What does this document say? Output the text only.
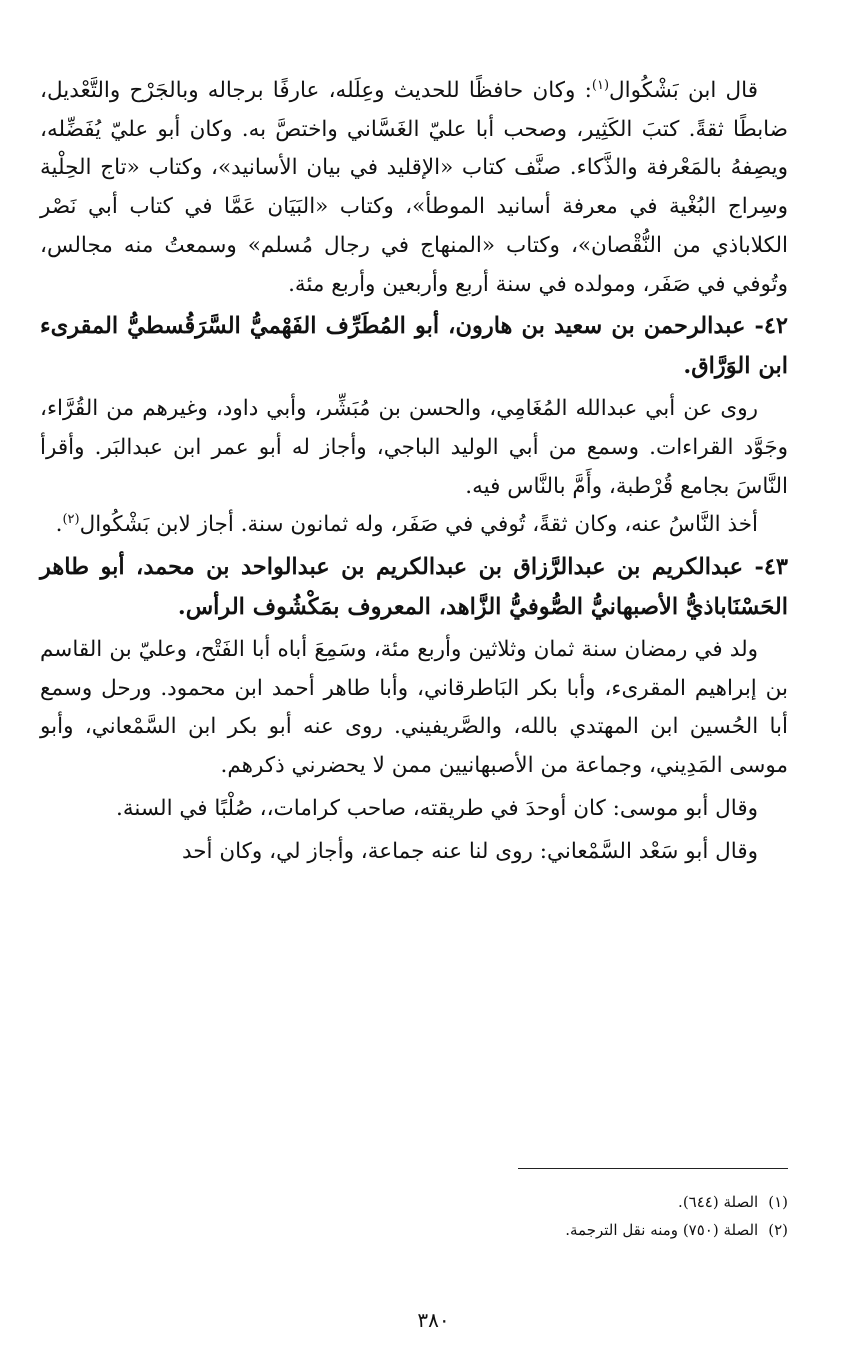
قال ابن بَشْكُوال$^{(١)}$: وكان حافظًا للحديث وعِلَله، عارفًا برجاله وبالجَرْح والتَّعْديل، ضابطًا ثقةً. كتبَ الكَثِير، وصحب أبا عليّ الغَسَّاني واختصَّ به. وكان أبو عليّ يُفَضِّله، ويصِفهُ بالمَعْرفة والذَّكاء. صنَّف كتاب «الإقليد في بيان الأسانيد»، وكتاب «تاج الحِلْية وسِراج البُغْية في معرفة أسانيد الموطأ»، وكتاب «البَيَان عَمَّا في كتاب أبي نَصْر الكلاباذي من النُّقْصان»، وكتاب «المنهاج في رجال مُسلم» وسمعتُ منه مجالس، وتُوفي في صَفَر، ومولده في سنة أربع وأربعين وأربع مئة.

٤٢- عبدالرحمن بن سعيد بن هارون، أبو المُطَرِّف الفَهْميُّ السَّرَقُسطيُّ المقرىء ابن الوَرَّاق.

روى عن أبي عبدالله المُغَامِي، والحسن بن مُبَشِّر، وأبي داود، وغيرهم من القُرَّاء، وجَوَّد القراءات. وسمع من أبي الوليد الباجي، وأجاز له أبو عمر ابن عبدالبَر. وأقرأ النَّاسَ بجامع قُرْطبة، وأَمَّ بالنَّاس فيه.

أخذ النَّاسُ عنه، وكان ثقةً، تُوفي في صَفَر، وله ثمانون سنة. أجاز لابن بَشْكُوال$^{(٢)}$.

٤٣- عبدالكريم بن عبدالرَّزاق بن عبدالكريم بن عبدالواحد بن محمد، أبو طاهر الحَسْنَاباذيُّ الأصبهانيُّ الصُّوفيُّ الزَّاهد، المعروف بمَكْشُوف الرأس.

ولد في رمضان سنة ثمان وثلاثين وأربع مئة، وسَمِعَ أباه أبا الفَتْح، وعليّ بن القاسم بن إبراهيم المقرىء، وأبا بكر البَاطرقاني، وأبا طاهر أحمد ابن محمود. ورحل وسمع أبا الحُسين ابن المهتدي بالله، والصَّريفيني. روى عنه أبو بكر ابن السَّمْعاني، وأبو موسى المَدِيني، وجماعة من الأصبهانيين ممن لا يحضرني ذكرهم.

وقال أبو موسى: كان أوحدَ في طريقته، صاحب كرامات،، صُلْبًا في السنة.

وقال أبو سَعْد السَّمْعاني: روى لنا عنه جماعة، وأجاز لي، وكان أحد

(١)
الصلة (٦٤٤).
(٢)
الصلة (٧٥٠) ومنه نقل الترجمة.
٣٨٠
